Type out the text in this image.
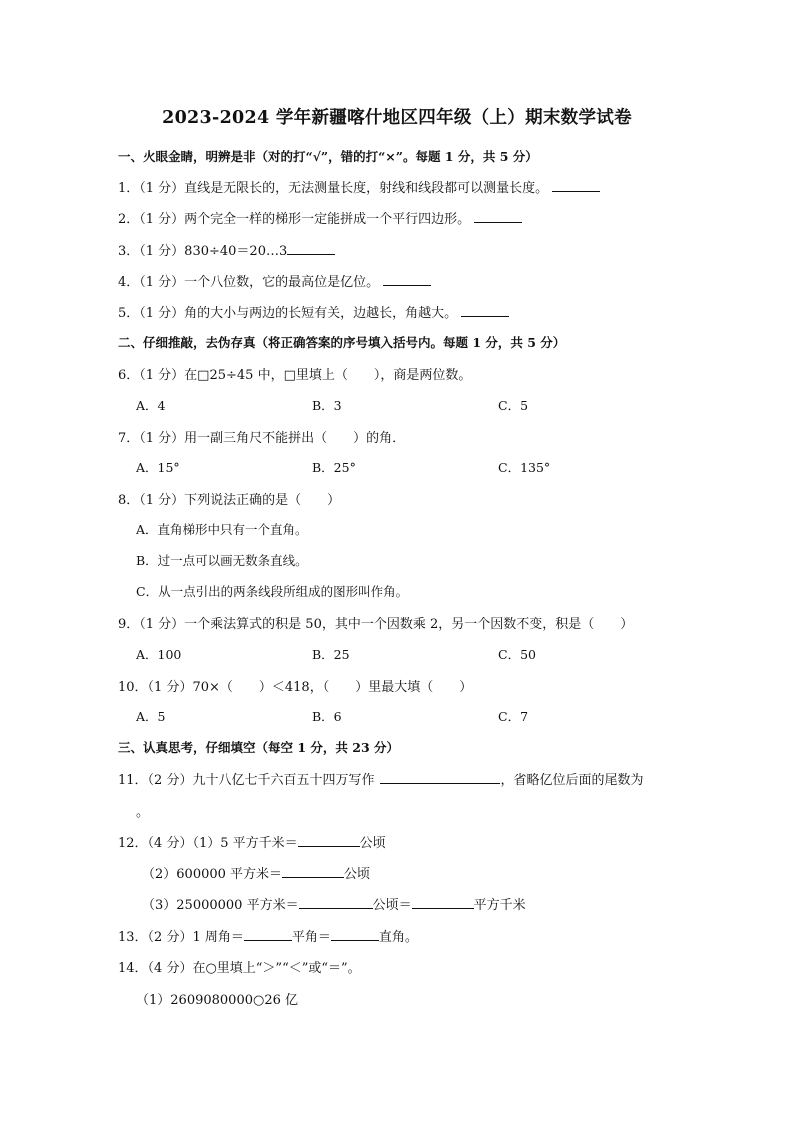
2023-2024 学年新疆喀什地区四年级（上）期末数学试卷
一、火眼金睛，明辨是非（对的打“√”，错的打“×”。每题 1 分，共 5 分）
1．（1 分）直线是无限长的，无法测量长度，射线和线段都可以测量长度。
2．（1 分）两个完全一样的梯形一定能拼成一个平行四边形。
3．（1 分）830÷40＝20…3
4．（1 分）一个八位数，它的最高位是亿位。
5．（1 分）角的大小与两边的长短有关，边越长，角越大。
二、仔细推敲，去伪存真（将正确答案的序号填入括号内。每题 1 分，共 5 分）
6．（1 分）在□25÷45 中，□里填上（　　），商是两位数。
A．4	B．3	C．5
7．（1 分）用一副三角尺不能拼出（　　）的角．
A．15°	B．25°	C．135°
8．（1 分）下列说法正确的是（　　）
A．直角梯形中只有一个直角。
B．过一点可以画无数条直线。
C．从一点引出的两条线段所组成的图形叫作角。
9．（1 分）一个乘法算式的积是 50，其中一个因数乘 2，另一个因数不变，积是（　　）
A．100	B．25	C．50
10．（1 分）70×（　　）＜418，（　　）里最大填（　　）
A．5	B．6	C．7
三、认真思考，仔细填空（每空 1 分，共 23 分）
11．（2 分）九十八亿七千六百五十四万写作	，省略亿位后面的尾数为
。
12．（4 分）（1）5 平方千米＝	公顷
（2）600000 平方米＝	公顷
（3）25000000 平方米＝	公顷＝	平方千米
13．（2 分）1 周角＝	平角＝	直角。
14．（4 分）在○里填上“＞”“＜”或“＝”。
（1）2609080000○26 亿
